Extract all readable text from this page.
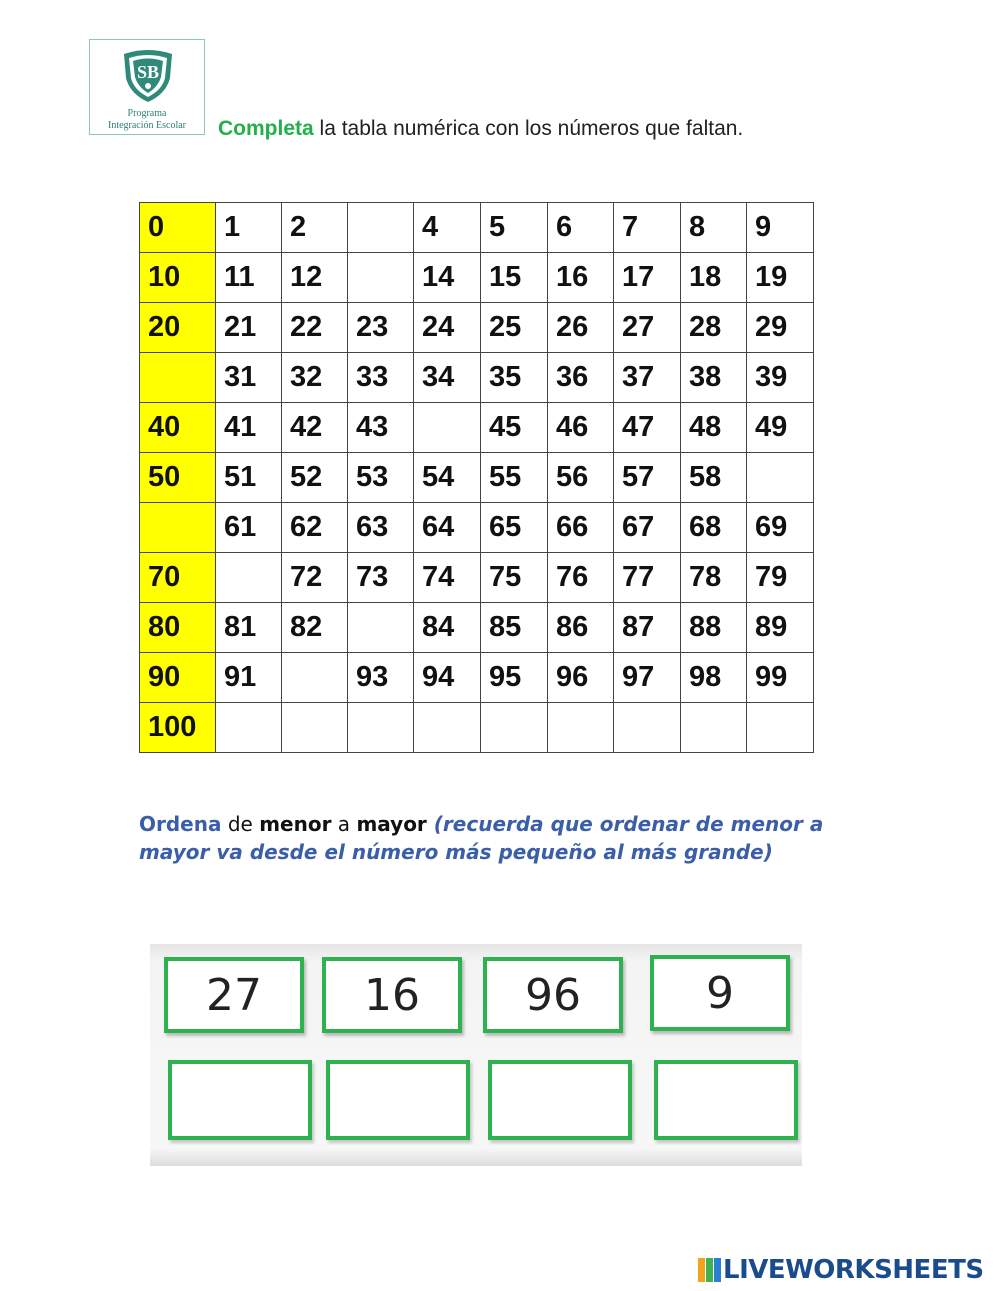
SB
Programa
Integración Escolar	Completa la tabla numérica con los números que faltan.
0	1	2		4	5	6	7	8	9
10	11	12		14	15	16	17	18	19
20	21	22	23	24	25	26	27	28	29
	31	32	33	34	35	36	37	38	39
40	41	42	43		45	46	47	48	49
50	51	52	53	54	55	56	57	58	
	61	62	63	64	65	66	67	68	69
70		72	73	74	75	76	77	78	79
80	81	82		84	85	86	87	88	89
90	91		93	94	95	96	97	98	99
100									
Ordena de menor a mayor (recuerda que ordenar de menor a mayor va desde el número más pequeño al más grande)
27	16	96	9
LIVEWORKSHEETS
